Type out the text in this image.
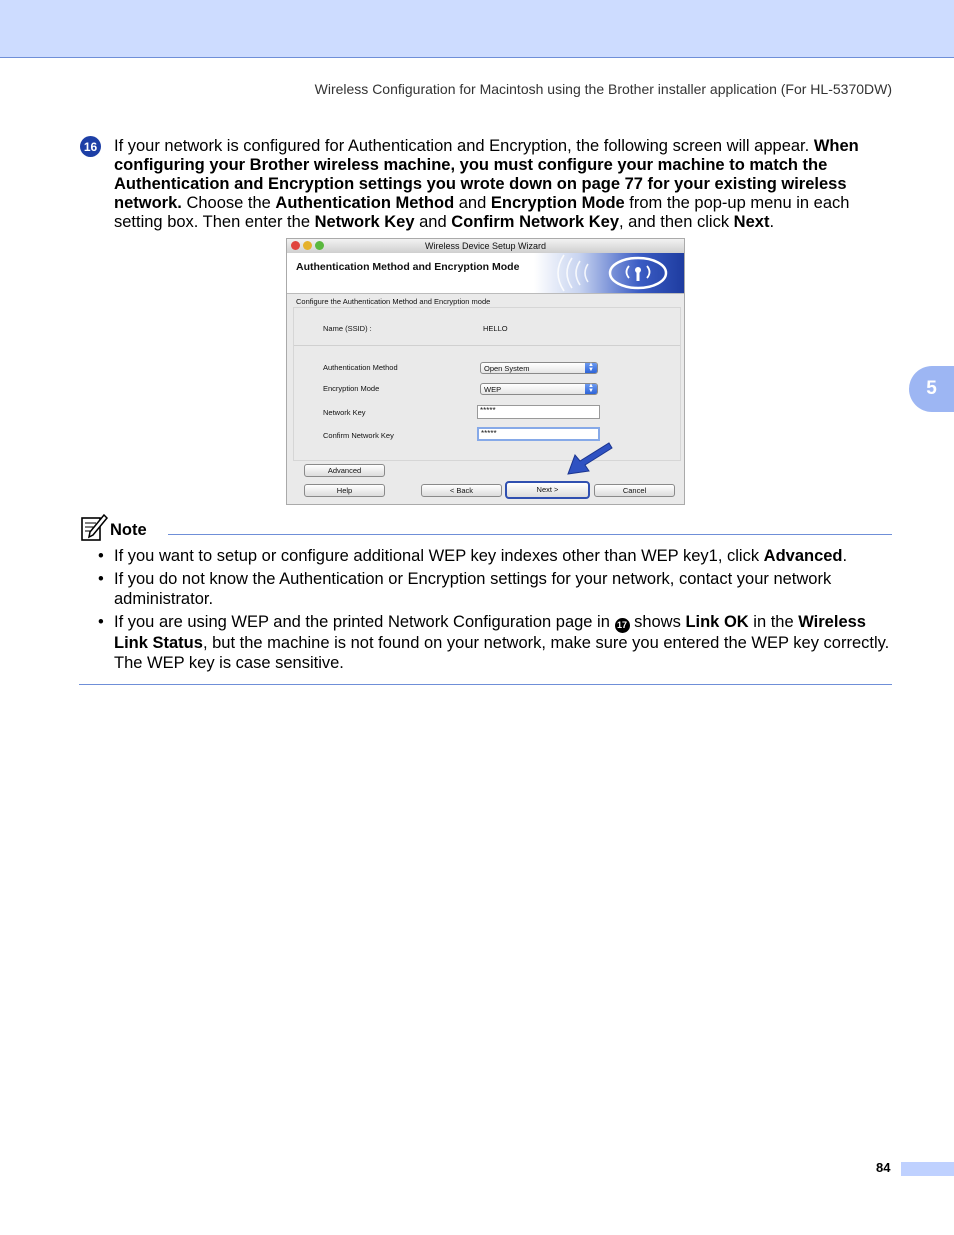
Wireless Configuration for Macintosh using the Brother installer application (For HL-5370DW)
5
16 If your network is configured for Authentication and Encryption, the following screen will appear. When configuring your Brother wireless machine, you must configure your machine to match the Authentication and Encryption settings you wrote down on page 77 for your existing wireless network. Choose the Authentication Method and Encryption Mode from the pop-up menu in each setting box. Then enter the Network Key and Confirm Network Key, and then click Next.
Wireless Device Setup Wizard
Authentication Method and Encryption Mode
Configure the Authentication Method and Encryption mode
Name (SSID) :	HELLO
Authentication Method	Open System	▲
▼
Encryption Mode	WEP	▲
▼
Network Key	*****
Confirm Network Key	*****
Advanced
Help	< Back	Next >	Cancel
Note
• If you want to setup or configure additional WEP key indexes other than WEP key1, click Advanced.
• If you do not know the Authentication or Encryption settings for your network, contact your network administrator.
• If you are using WEP and the printed Network Configuration page in 17 shows Link OK in the Wireless Link Status, but the machine is not found on your network, make sure you entered the WEP key correctly. The WEP key is case sensitive.
84
